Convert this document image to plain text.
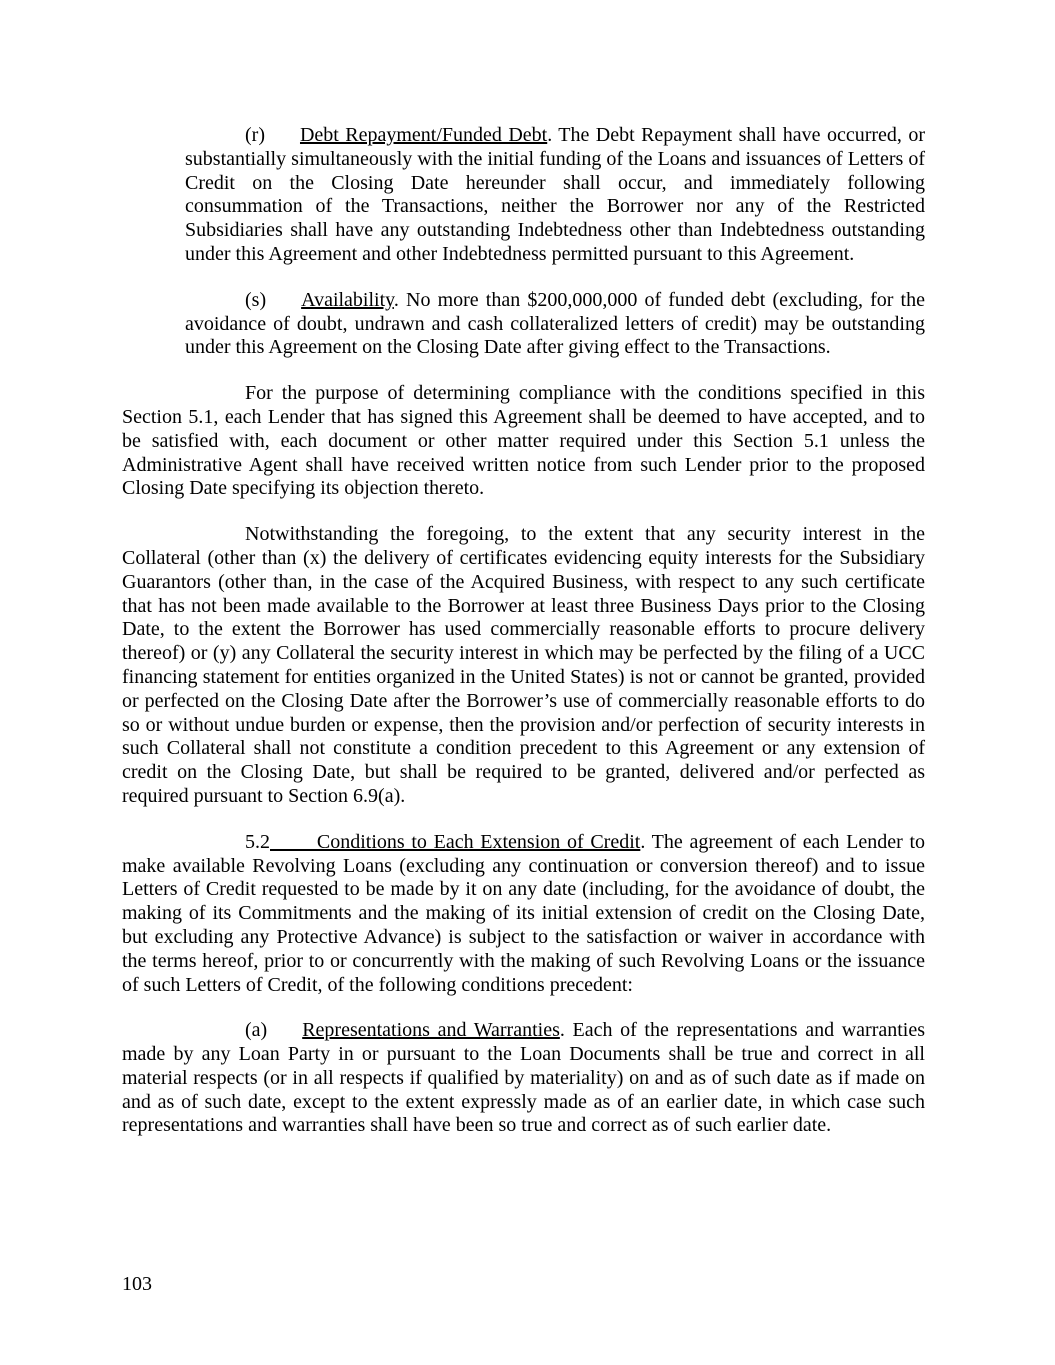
(r) Debt Repayment/Funded Debt. The Debt Repayment shall have occurred, or substantially simultaneously with the initial funding of the Loans and issuances of Letters of Credit on the Closing Date hereunder shall occur, and immediately following consummation of the Transactions, neither the Borrower nor any of the Restricted Subsidiaries shall have any outstanding Indebtedness other than Indebtedness outstanding under this Agreement and other Indebtedness permitted pursuant to this Agreement.

(s) Availability. No more than $200,000,000 of funded debt (excluding, for the avoidance of doubt, undrawn and cash collateralized letters of credit) may be outstanding under this Agreement on the Closing Date after giving effect to the Transactions.

For the purpose of determining compliance with the conditions specified in this Section 5.1, each Lender that has signed this Agreement shall be deemed to have accepted, and to be satisfied with, each document or other matter required under this Section 5.1 unless the Administrative Agent shall have received written notice from such Lender prior to the proposed Closing Date specifying its objection thereto.

Notwithstanding the foregoing, to the extent that any security interest in the Collateral (other than (x) the delivery of certificates evidencing equity interests for the Subsidiary Guarantors (other than, in the case of the Acquired Business, with respect to any such certificate that has not been made available to the Borrower at least three Business Days prior to the Closing Date, to the extent the Borrower has used commercially reasonable efforts to procure delivery thereof) or (y) any Collateral the security interest in which may be perfected by the filing of a UCC financing statement for entities organized in the United States) is not or cannot be granted, provided or perfected on the Closing Date after the Borrower’s use of commercially reasonable efforts to do so or without undue burden or expense, then the provision and/or perfection of security interests in such Collateral shall not constitute a condition precedent to this Agreement or any extension of credit on the Closing Date, but shall be required to be granted, delivered and/or perfected as required pursuant to Section 6.9(a).

5.2       Conditions to Each Extension of Credit. The agreement of each Lender to make available Revolving Loans (excluding any continuation or conversion thereof) and to issue Letters of Credit requested to be made by it on any date (including, for the avoidance of doubt, the making of its Commitments and the making of its initial extension of credit on the Closing Date, but excluding any Protective Advance) is subject to the satisfaction or waiver in accordance with the terms hereof, prior to or concurrently with the making of such Revolving Loans or the issuance of such Letters of Credit, of the following conditions precedent:

(a) Representations and Warranties. Each of the representations and warranties made by any Loan Party in or pursuant to the Loan Documents shall be true and correct in all material respects (or in all respects if qualified by materiality) on and as of such date as if made on and as of such date, except to the extent expressly made as of an earlier date, in which case such representations and warranties shall have been so true and correct as of such earlier date.

103
